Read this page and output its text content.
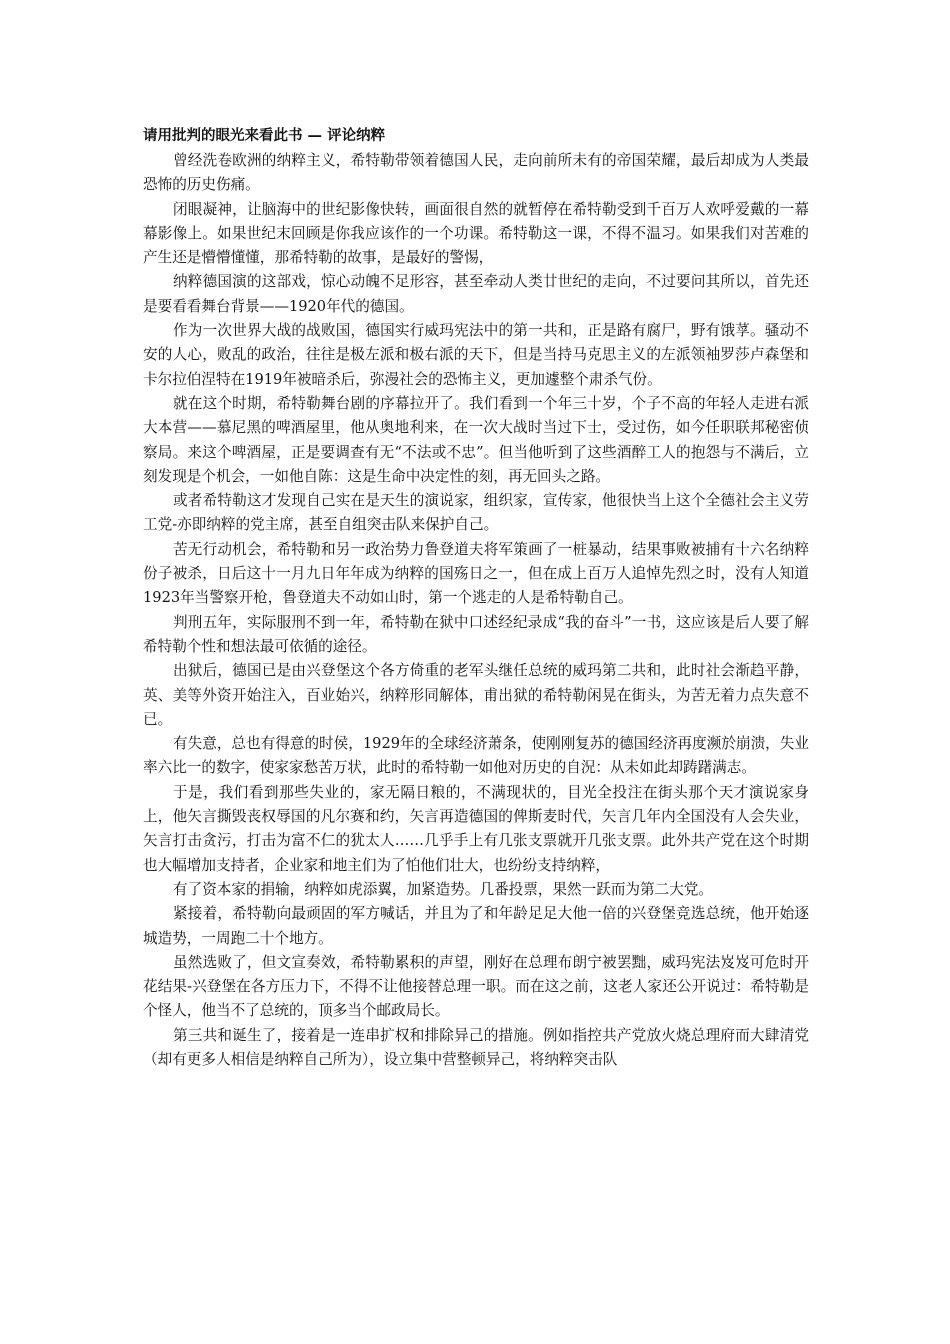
请用批判的眼光来看此书 — 评论纳粹

曾经洗卷欧洲的纳粹主义，希特勒带领着德国人民，走向前所未有的帝国荣耀，最后却成为人类最恐怖的历史伤痛。

闭眼凝神，让脑海中的世纪影像快转，画面很自然的就暂停在希特勒受到千百万人欢呼爱戴的一幕幕影像上。如果世纪末回顾是你我应该作的一个功课。希特勒这一课，不得不温习。如果我们对苦难的产生还是懵懵懂懂，那希特勒的故事，是最好的警惕，

纳粹德国演的这部戏，惊心动魄不足形容，甚至牵动人类廿世纪的走向，不过要问其所以，首先还是要看看舞台背景——1920年代的德国。

作为一次世界大战的战败国，德国实行威玛宪法中的第一共和，正是路有腐尸，野有饿莩。骚动不安的人心，败乱的政治，往往是极左派和极右派的天下，但是当持马克思主义的左派领袖罗莎卢森堡和卡尔拉伯涅特在1919年被暗杀后，弥漫社会的恐怖主义，更加遽整个肃杀气份。

就在这个时期，希特勒舞台剧的序幕拉开了。我们看到一个年三十岁，个子不高的年轻人走进右派大本营——慕尼黑的啤酒屋里，他从奥地利来，在一次大战时当过下士，受过伤，如今任职联邦秘密侦察局。来这个啤酒屋，正是要调查有无“不法或不忠”。但当他听到了这些酒醉工人的抱怨与不满后，立刻发现是个机会，一如他自陈：这是生命中决定性的刻，再无回头之路。

或者希特勒这才发现自己实在是天生的演说家，组织家，宣传家，他很快当上这个全德社会主义劳工党-亦即纳粹的党主席，甚至自组突击队来保护自己。

苦无行动机会，希特勒和另一政治势力鲁登道夫将军策画了一桩暴动，结果事败被捕有十六名纳粹份子被杀，日后这十一月九日年年成为纳粹的国殇日之一，但在成上百万人追悼先烈之时，没有人知道1923年当警察开枪，鲁登道夫不动如山时，第一个逃走的人是希特勒自己。

判刑五年，实际服刑不到一年，希特勒在狱中口述经纪录成“我的奋斗”一书，这应该是后人要了解希特勒个性和想法最可依循的途径。

出狱后，德国已是由兴登堡这个各方倚重的老军头继任总统的威玛第二共和，此时社会渐趋平静，英、美等外资开始注入，百业始兴，纳粹形同解体，甫出狱的希特勒闲晃在街头，为苦无着力点失意不已。

有失意，总也有得意的时侯，1929年的全球经济萧条，使刚刚复苏的德国经济再度濒於崩溃，失业率六比一的数字，使家家愁苦万状，此时的希特勒一如他对历史的自況：从未如此却踌躇满志。

于是，我们看到那些失业的，家无隔日粮的，不满现状的，目光全投注在街头那个天才演说家身上，他矢言撕毁丧权辱国的凡尔赛和约，矢言再造德国的俾斯麦时代，矢言几年内全国没有人会失业，矢言打击贪污，打击为富不仁的犹太人……几乎手上有几张支票就开几张支票。此外共产党在这个时期也大幅增加支持者，企业家和地主们为了怕他们壮大，也纷纷支持纳粹，

有了资本家的捐输，纳粹如虎添翼，加紧造势。几番投票，果然一跃而为第二大党。

紧接着，希特勒向最顽固的军方喊话，并且为了和年龄足足大他一倍的兴登堡竞选总统，他开始逐城造势，一周跑二十个地方。

虽然选败了，但文宣奏效，希特勒累积的声望，刚好在总理布朗宁被罢黜，威玛宪法岌岌可危时开花结果-兴登堡在各方压力下，不得不让他接替总理一职。而在这之前，这老人家还公开说过：希特勒是个怪人，他当不了总统的，顶多当个邮政局长。

第三共和诞生了，接着是一连串扩权和排除异己的措施。例如指控共产党放火烧总理府而大肆清党（却有更多人相信是纳粹自己所为），设立集中营整顿异己，将纳粹突击队
